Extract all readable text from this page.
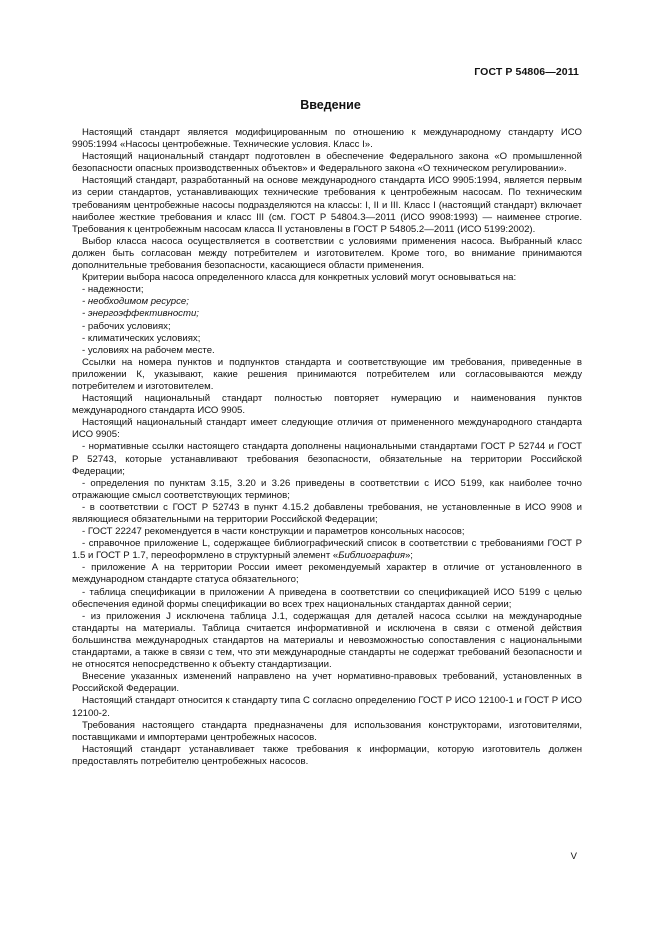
ГОСТ Р 54806—2011
Введение

Настоящий стандарт является модифицированным по отношению к международному стандарту ИСО 9905:1994 «Насосы центробежные. Технические условия. Класс I».

Настоящий национальный стандарт подготовлен в обеспечение Федерального закона «О промышленной безопасности опасных производственных объектов» и Федерального закона «О техническом регулировании».

Настоящий стандарт, разработанный на основе международного стандарта ИСО 9905:1994, является первым из серии стандартов, устанавливающих технические требования к центробежным насосам. По техническим требованиям центробежные насосы подразделяются на классы: I, II и III. Класс I (настоящий стандарт) включает наиболее жесткие требования и класс III (см. ГОСТ Р 54804.3—2011 (ИСО 9908:1993) — наименее строгие. Требования к центробежным насосам класса II установлены в ГОСТ Р 54805.2—2011 (ИСО 5199:2002).

Выбор класса насоса осуществляется в соответствии с условиями применения насоса. Выбранный класс должен быть согласован между потребителем и изготовителем. Кроме того, во внимание принимаются дополнительные требования безопасности, касающиеся области применения.

Критерии выбора насоса определенного класса для конкретных условий могут основываться на:

- надежности;

- необходимом ресурсе;

- энергоэффективности;

- рабочих условиях;

- климатических условиях;

- условиях на рабочем месте.

Ссылки на номера пунктов и подпунктов стандарта и соответствующие им требования, приведенные в приложении К, указывают, какие решения принимаются потребителем или согласовываются между потребителем и изготовителем.

Настоящий национальный стандарт полностью повторяет нумерацию и наименования пунктов международного стандарта ИСО 9905.

Настоящий национальный стандарт имеет следующие отличия от примененного международного стандарта ИСО 9905:

- нормативные ссылки настоящего стандарта дополнены национальными стандартами ГОСТ Р 52744 и ГОСТ Р 52743, которые устанавливают требования безопасности, обязательные на территории Российской Федерации;

- определения по пунктам 3.15, 3.20 и 3.26 приведены в соответствии с ИСО 5199, как наиболее точно отражающие смысл соответствующих терминов;

- в соответствии с ГОСТ Р 52743 в пункт 4.15.2 добавлены требования, не установленные в ИСО 9908 и являющиеся обязательными на территории Российской Федерации;

- ГОСТ 22247 рекомендуется в части конструкции и параметров консольных насосов;

- справочное приложение L, содержащее библиографический список в соответствии с требованиями ГОСТ Р 1.5 и ГОСТ Р 1.7, переоформлено в структурный элемент «Библиография»;

- приложение А на территории России имеет рекомендуемый характер в отличие от установленного в международном стандарте статуса обязательного;

- таблица спецификации в приложении А приведена в соответствии со спецификацией ИСО 5199 с целью обеспечения единой формы спецификации во всех трех национальных стандартах данной серии;

- из приложения J исключена таблица J.1, содержащая для деталей насоса ссылки на международные стандарты на материалы. Таблица считается информативной и исключена в связи с отменой действия большинства международных стандартов на материалы и невозможностью сопоставления с национальными стандартами, а также в связи с тем, что эти международные стандарты не содержат требований безопасности и не относятся непосредственно к объекту стандартизации.

Внесение указанных изменений направлено на учет нормативно-правовых требований, установленных в Российской Федерации.

Настоящий стандарт относится к стандарту типа С согласно определению ГОСТ Р ИСО 12100-1 и ГОСТ Р ИСО 12100-2.

Требования настоящего стандарта предназначены для использования конструкторами, изготовителями, поставщиками и импортерами центробежных насосов.

Настоящий стандарт устанавливает также требования к информации, которую изготовитель должен предоставлять потребителю центробежных насосов.

V
